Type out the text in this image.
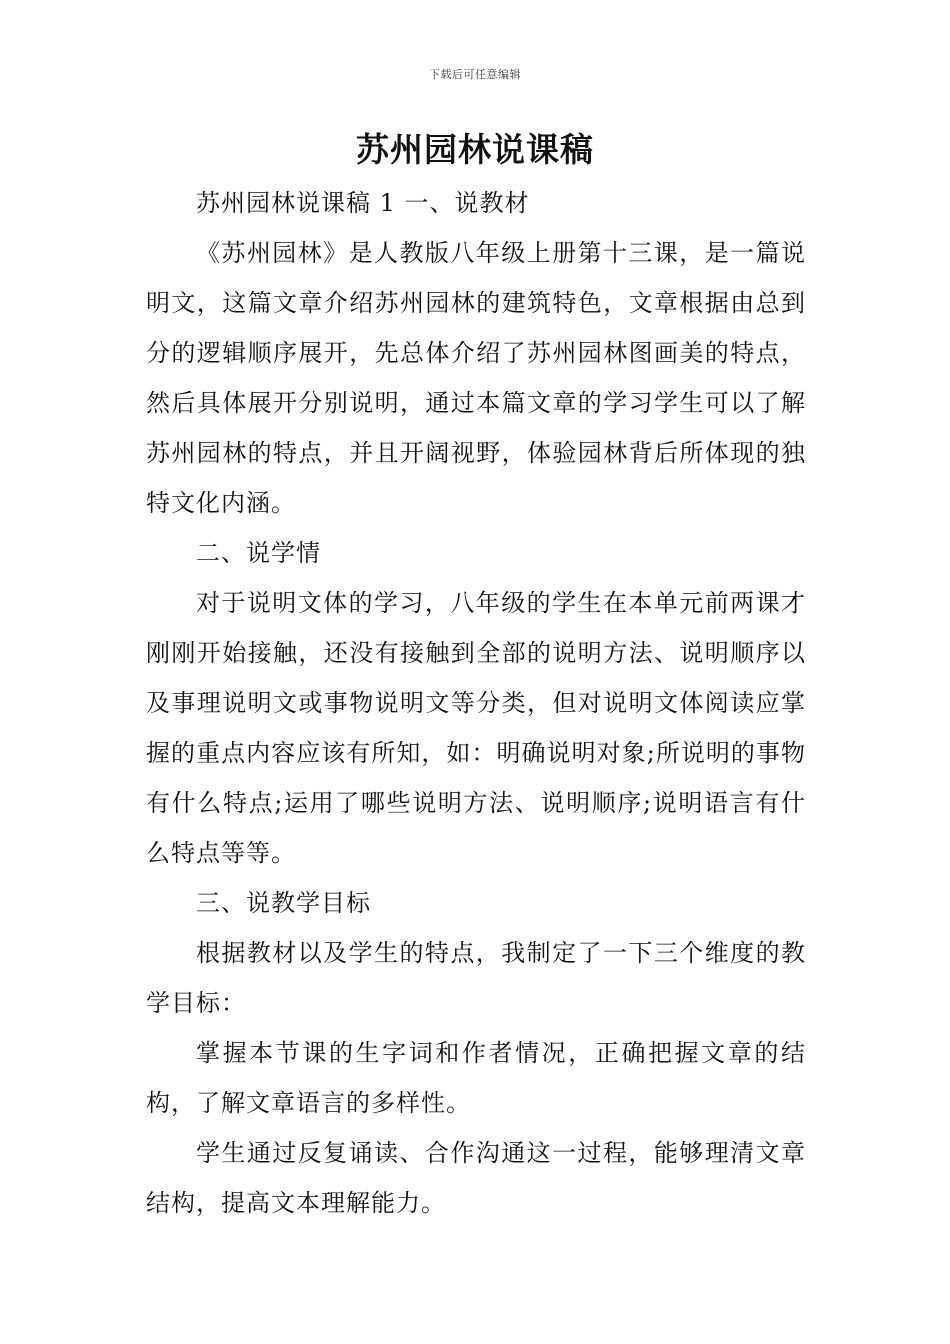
下载后可任意编辑
苏州园林说课稿

苏州园林说课稿 1 一、说教材

《苏州园林》是人教版八年级上册第十三课，是一篇说明文，这篇文章介绍苏州园林的建筑特色，文章根据由总到分的逻辑顺序展开，先总体介绍了苏州园林图画美的特点，然后具体展开分别说明，通过本篇文章的学习学生可以了解苏州园林的特点，并且开阔视野，体验园林背后所体现的独特文化内涵。

二、说学情

对于说明文体的学习，八年级的学生在本单元前两课才刚刚开始接触，还没有接触到全部的说明方法、说明顺序以及事理说明文或事物说明文等分类，但对说明文体阅读应掌握的重点内容应该有所知，如：明确说明对象;所说明的事物有什么特点;运用了哪些说明方法、说明顺序;说明语言有什么特点等等。

三、说教学目标

根据教材以及学生的特点，我制定了一下三个维度的教学目标：

掌握本节课的生字词和作者情况，正确把握文章的结构，了解文章语言的多样性。

学生通过反复诵读、合作沟通这一过程，能够理清文章结构，提高文本理解能力。
